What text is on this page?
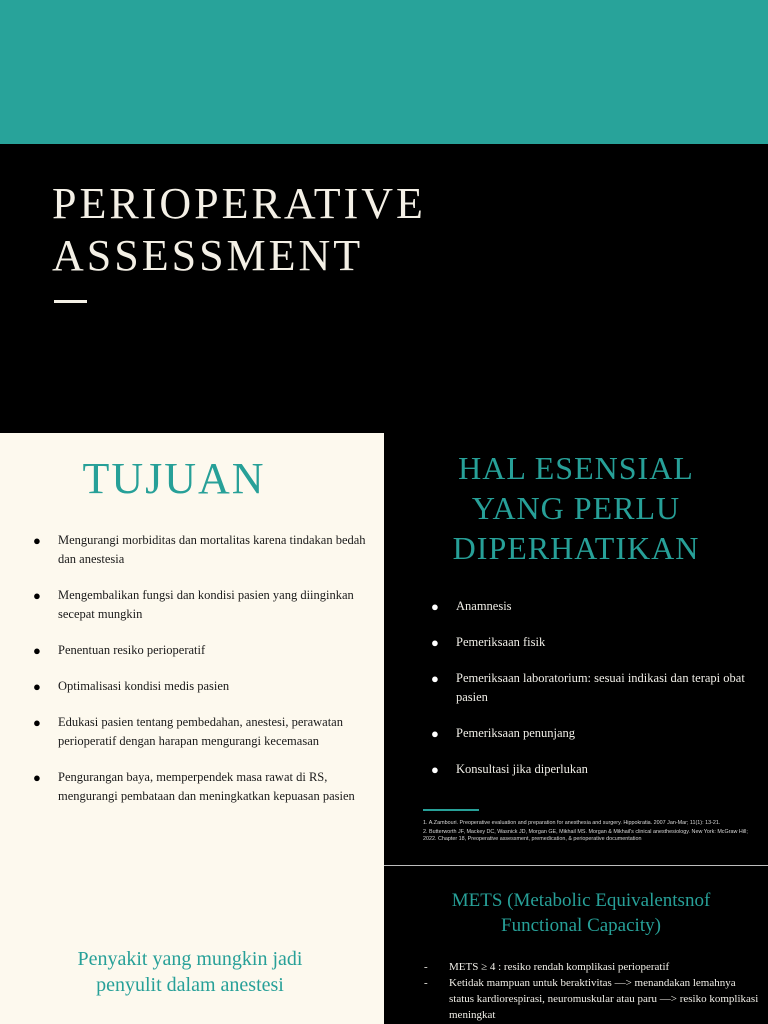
PERIOPERATIVE
ASSESSMENT
TUJUAN
● Mengurangi morbiditas dan mortalitas karena tindakan bedah dan anestesia
● Mengembalikan fungsi dan kondisi pasien yang diinginkan secepat mungkin
● Penentuan resiko perioperatif
● Optimalisasi kondisi medis pasien
● Edukasi pasien tentang pembedahan, anestesi, perawatan perioperatif dengan harapan mengurangi kecemasan
● Pengurangan baya, memperpendek masa rawat di RS, mengurangi pembataan dan meningkatkan kepuasan pasien
Penyakit yang mungkin jadi
penyulit dalam anestesi
HAL ESENSIAL
YANG PERLU
DIPERHATIKAN
● Anamnesis
● Pemeriksaan fisik
● Pemeriksaan laboratorium: sesuai indikasi dan terapi obat pasien
● Pemeriksaan penunjang
● Konsultasi jika diperlukan
1. A.Zambouri. Preoperative evaluation and preparation for anesthesia and surgery. Hippokratia. 2007 Jan-Mar; 11(1): 13-21.
2. Butterworth JF, Mackey DC, Wasnick JD, Morgan GE, Mikhail MS. Morgan & Mikhail's clinical anesthesiology. New York: McGraw Hill; 2022. Chapter 18, Preoperative assessment, premedication, & perioperative documentation
METS (Metabolic Equivalentsnof
Functional Capacity)
- METS ≥ 4 : resiko rendah komplikasi perioperatif
- Ketidak mampuan untuk beraktivitas —> menandakan lemahnya status kardiorespirasi, neuromuskular atau paru —> resiko komplikasi meningkat
